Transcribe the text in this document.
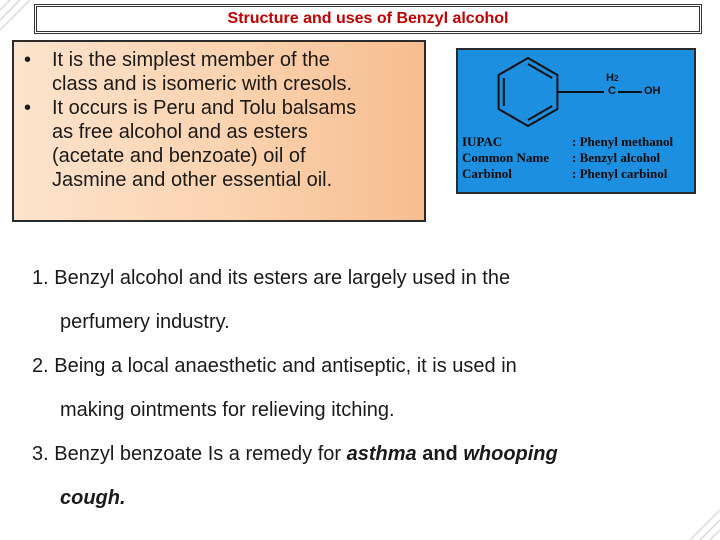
Structure and uses of Benzyl alcohol
• It is the simplest member of the
class and is isomeric with cresols.
• It occurs is Peru and Tolu balsams
as free alcohol and as esters
(acetate and benzoate) oil of
Jasmine and other essential oil.
H2
C	OH
IUPAC	: Phenyl methanol
Common Name	: Benzyl alcohol
Carbinol	: Phenyl carbinol
1. Benzyl alcohol and its esters are largely used in the
perfumery industry.
2. Being a local anaesthetic and antiseptic, it is used in
making ointments for relieving itching.
3. Benzyl benzoate Is a remedy for asthma and whooping
cough.
